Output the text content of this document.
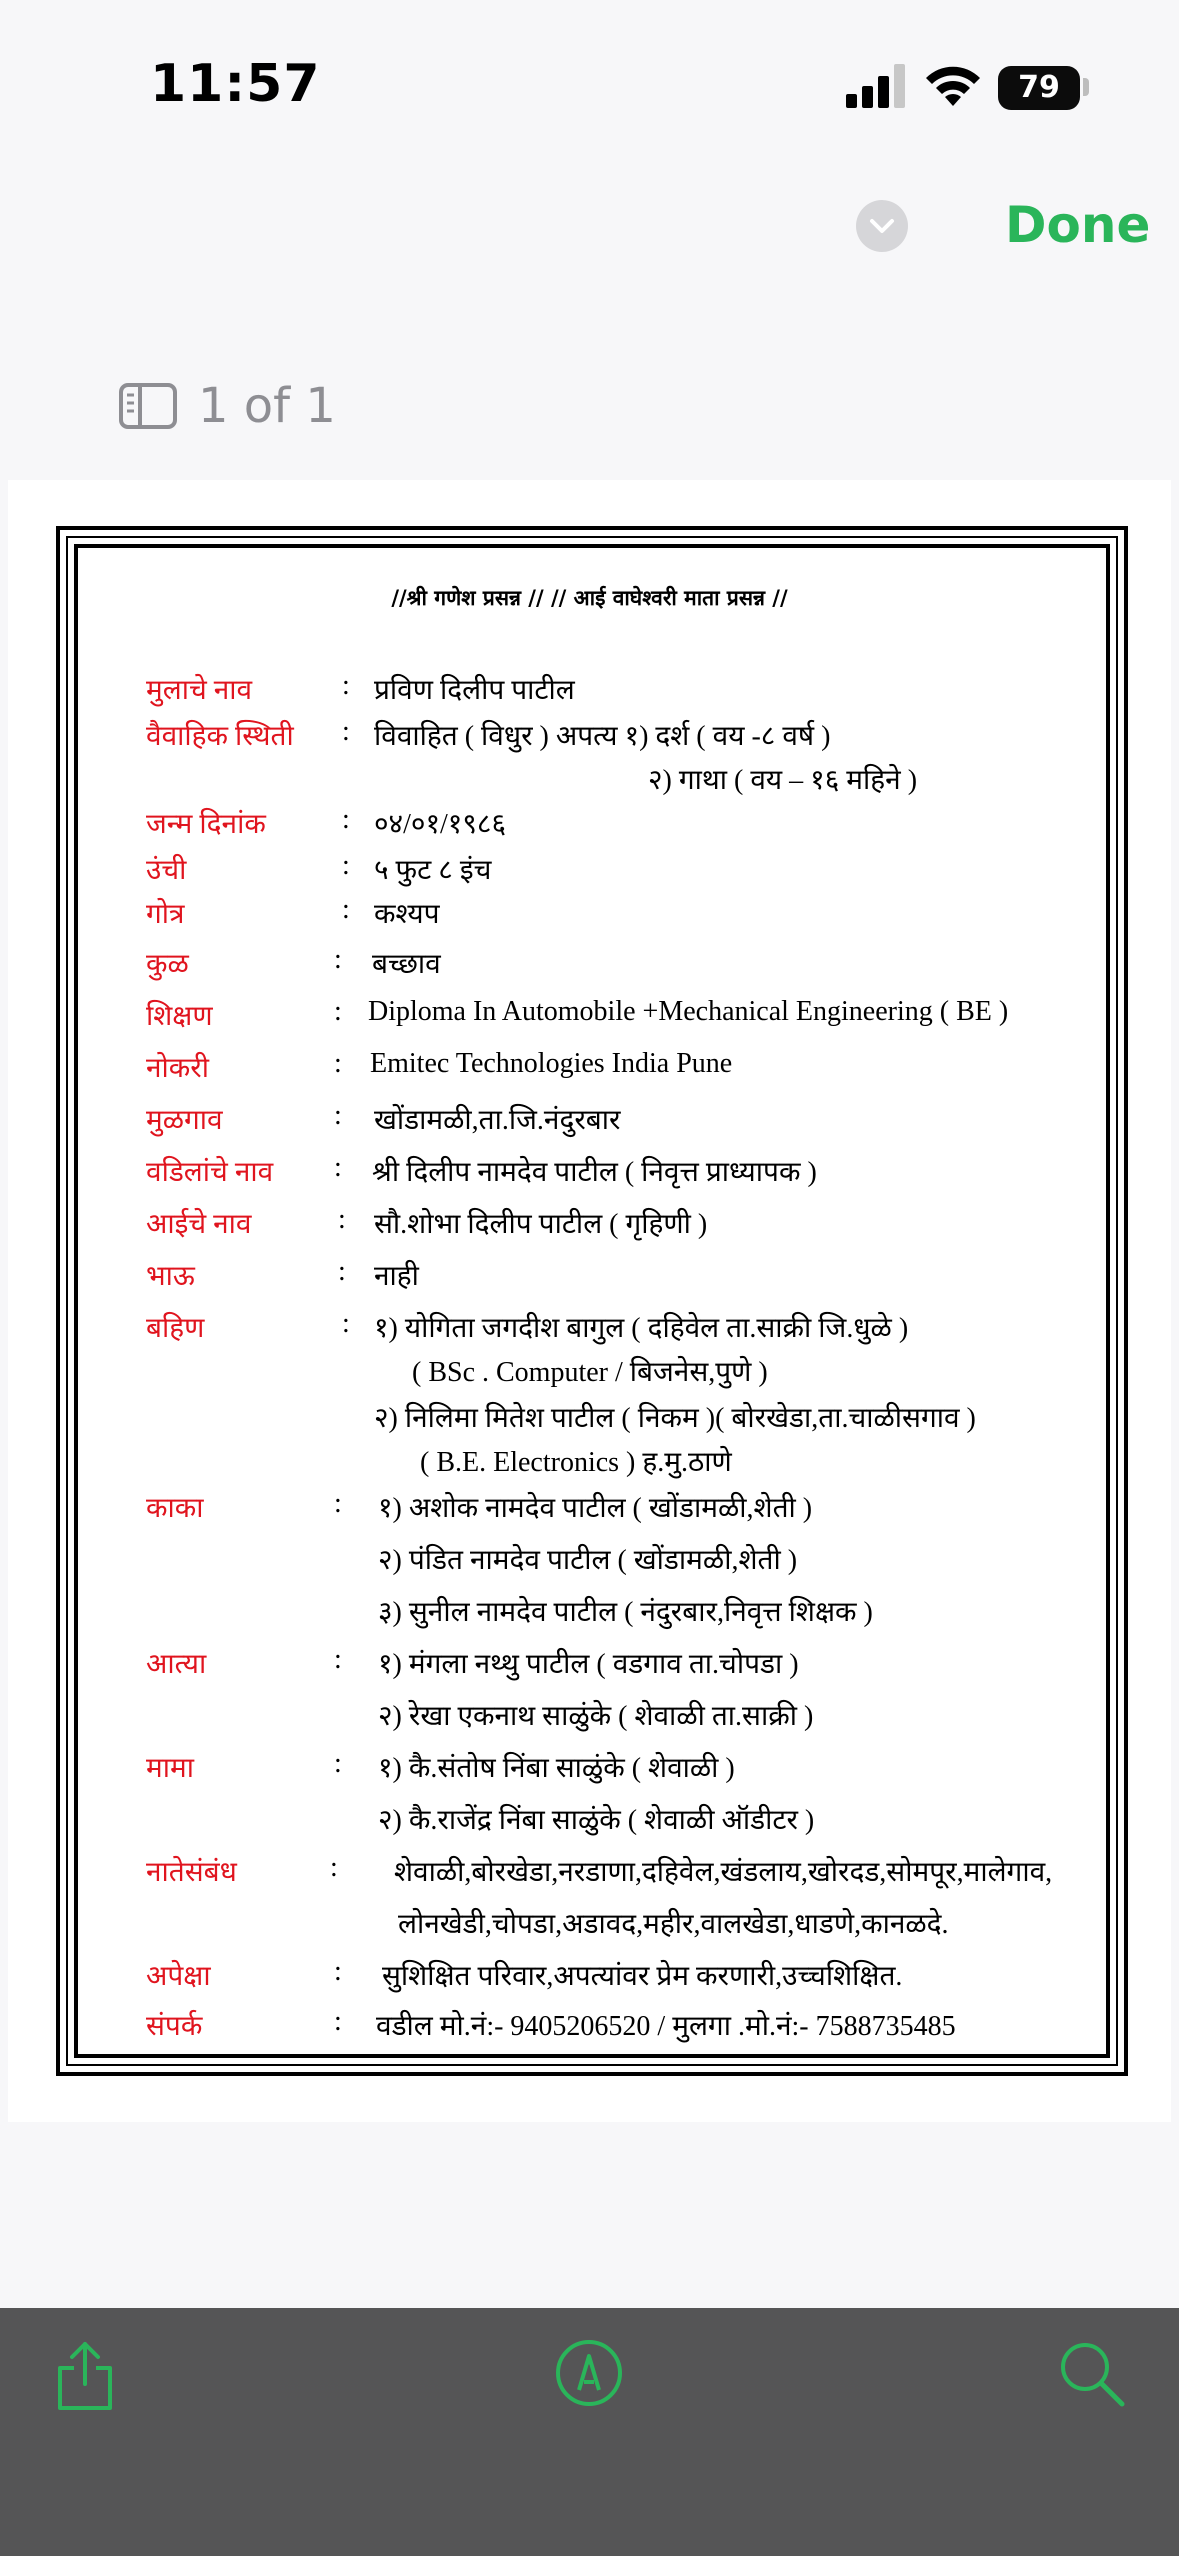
11:57	79
Done
1 of 1
//श्री गणेश प्रसन्न // // आई वाघेश्वरी माता प्रसन्न //
मुलाचे नाव	: प्रविण दिलीप पाटील
वैवाहिक स्थिती : विवाहित ( विधुर ) अपत्य १) दर्श ( वय -८ वर्ष )
२) गाथा ( वय – १६ महिने )
जन्म दिनांक	: ०४/०१/१९८६
उंची	: ५ फुट ८ इंच
गोत्र	: कश्यप
कुळ	: बच्छाव
शिक्षण	: Diploma In Automobile +Mechanical Engineering ( BE )
नोकरी	: Emitec Technologies India Pune
मुळगाव	: खोंडामळी,ता.जि.नंदुरबार
वडिलांचे नाव : श्री दिलीप नामदेव पाटील ( निवृत्त प्राध्यापक )
आईचे नाव	: सौ.शोभा दिलीप पाटील ( गृहिणी )
भाऊ	: नाही
बहिण	: १) योगिता जगदीश बागुल ( दहिवेल ता.साक्री जि.धुळे )
( BSc . Computer / बिजनेस,पुणे )
२) निलिमा मितेश पाटील ( निकम )( बोरखेडा,ता.चाळीसगाव )
( B.E. Electronics ) ह.मु.ठाणे
काका	: १) अशोक नामदेव पाटील ( खोंडामळी,शेती )
२) पंडित नामदेव पाटील ( खोंडामळी,शेती )
३) सुनील नामदेव पाटील ( नंदुरबार,निवृत्त शिक्षक )
आत्या	: १) मंगला नथ्थु पाटील ( वडगाव ता.चोपडा )
२) रेखा एकनाथ साळुंके ( शेवाळी ता.साक्री )
मामा	: १) कै.संतोष निंबा साळुंके ( शेवाळी )
२) कै.राजेंद्र निंबा साळुंके ( शेवाळी ऑडीटर )
नातेसंबंध	: शेवाळी,बोरखेडा,नरडाणा,दहिवेल,खंडलाय,खोरदड,सोमपूर,मालेगाव,
लोनखेडी,चोपडा,अडावद,महीर,वालखेडा,धाडणे,कानळदे.
अपेक्षा	: सुशिक्षित परिवार,अपत्यांवर प्रेम करणारी,उच्चशिक्षित.
संपर्क	: वडील मो.नं:- 9405206520 / मुलगा .मो.नं:- 7588735485
